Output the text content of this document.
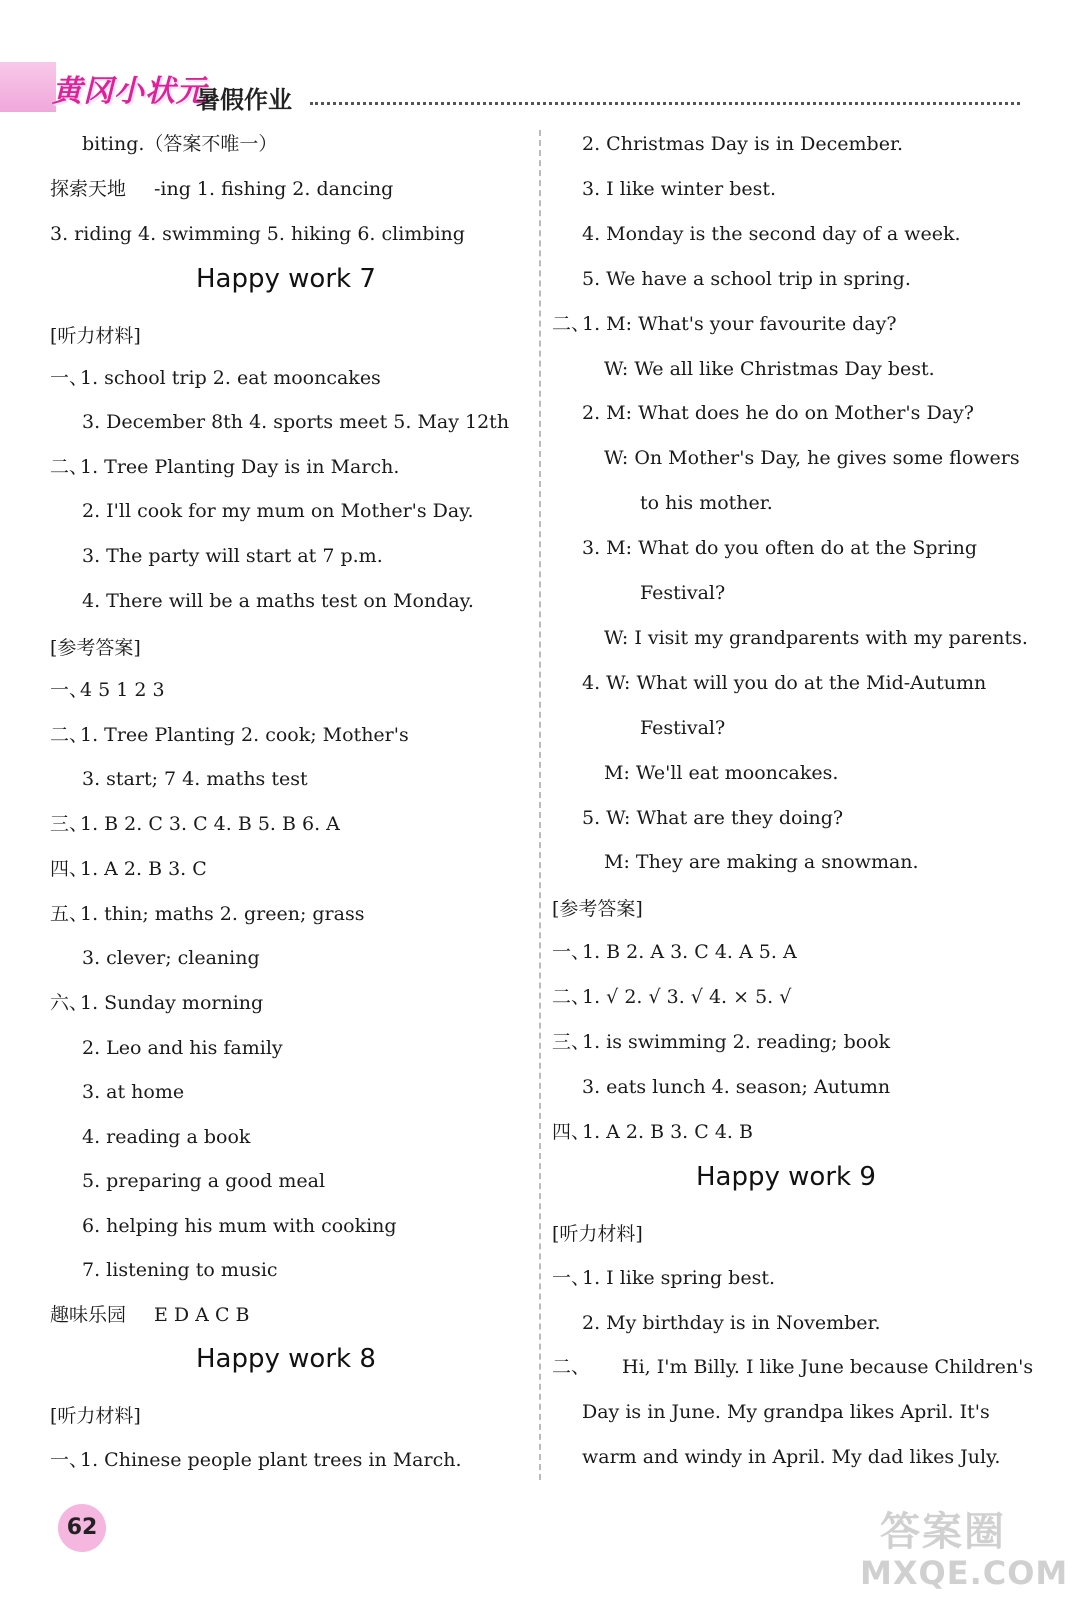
黄冈小状元
暑假作业
biting.（答案不唯一）
探索天地 -ing 1. fishing 2. dancing
3. riding 4. swimming 5. hiking 6. climbing
Happy work 7
[听力材料]
一、
1. school trip 2. eat mooncakes
3. December 8th 4. sports meet 5. May 12th
二、
1. Tree Planting Day is in March.
2. I'll cook for my mum on Mother's Day.
3. The party will start at 7 p.m.
4. There will be a maths test on Monday.
[参考答案]
一、
4 5 1 2 3
二、
1. Tree Planting 2. cook; Mother's
3. start; 7 4. maths test
三、
1. B 2. C 3. C 4. B 5. B 6. A
四、
1. A 2. B 3. C
五、
1. thin; maths 2. green; grass
3. clever; cleaning
六、
1. Sunday morning
2. Leo and his family
3. at home
4. reading a book
5. preparing a good meal
6. helping his mum with cooking
7. listening to music
趣味乐园 E D A C B
Happy work 8
[听力材料]
一、
1. Chinese people plant trees in March.
2. Christmas Day is in December.
3. I like winter best.
4. Monday is the second day of a week.
5. We have a school trip in spring.
二、
1. M: What's your favourite day?
W: We all like Christmas Day best.
2. M: What does he do on Mother's Day?
W: On Mother's Day, he gives some flowers
to his mother.
3. M: What do you often do at the Spring
Festival?
W: I visit my grandparents with my parents.
4. W: What will you do at the Mid-Autumn
Festival?
M: We'll eat mooncakes.
5. W: What are they doing?
M: They are making a snowman.
[参考答案]
一、
1. B 2. A 3. C 4. A 5. A
二、
1. √ 2. √ 3. √ 4. × 5. √
三、
1. is swimming 2. reading; book
3. eats lunch 4. season; Autumn
四、
1. A 2. B 3. C 4. B
Happy work 9
[听力材料]
一、
1. I like spring best.
2. My birthday is in November.
二、 Hi, I'm Billy. I like June because Children's
Day is in June. My grandpa likes April. It's
warm and windy in April. My dad likes July.
62	答案圈
MXQE.COM
